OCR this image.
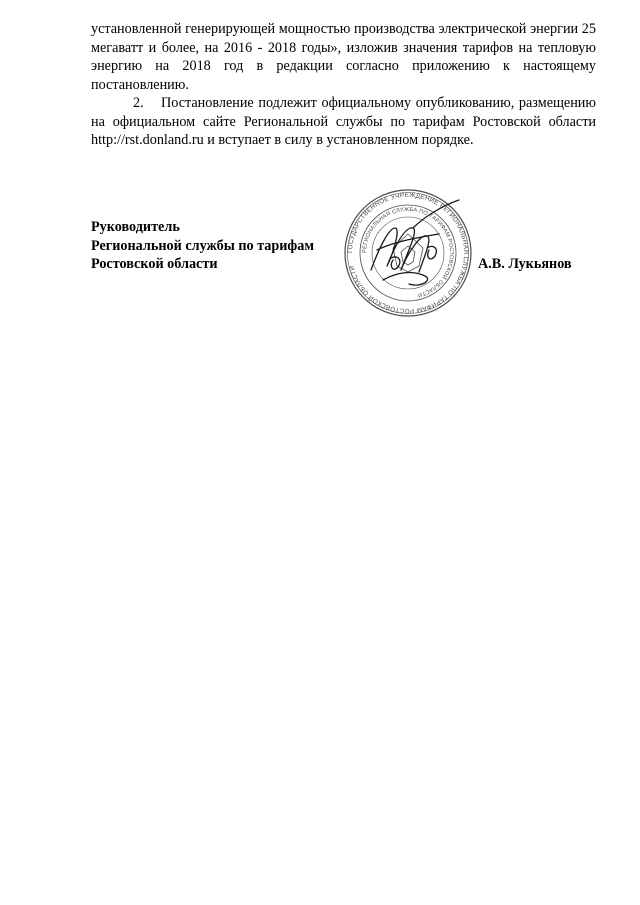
установленной генерирующей мощностью производства электрической энергии 25 мегаватт и более, на 2016 - 2018 годы», изложив значения тарифов на тепловую энергию на 2018 год в редакции согласно приложению к настоящему постановлению.

2. Постановление подлежит официальному опубликованию, размещению на официальном сайте Региональной службы по тарифам Ростовской области http://rst.donland.ru и вступает в силу в установленном порядке.

Руководитель

Региональной службы по тарифам

Ростовской области	А.В. Лукьянов
ГОСУДАРСТВЕННОЕ УЧРЕЖДЕНИЕ РЕГИОНАЛЬНАЯ СЛУЖБА ПО ТАРИФАМ РОСТОВСКОЙ ОБЛАСТИ
РЕГИОНАЛЬНАЯ СЛУЖБА ПО ТАРИФАМ РОСТОВСКОЙ ОБЛАСТИ
